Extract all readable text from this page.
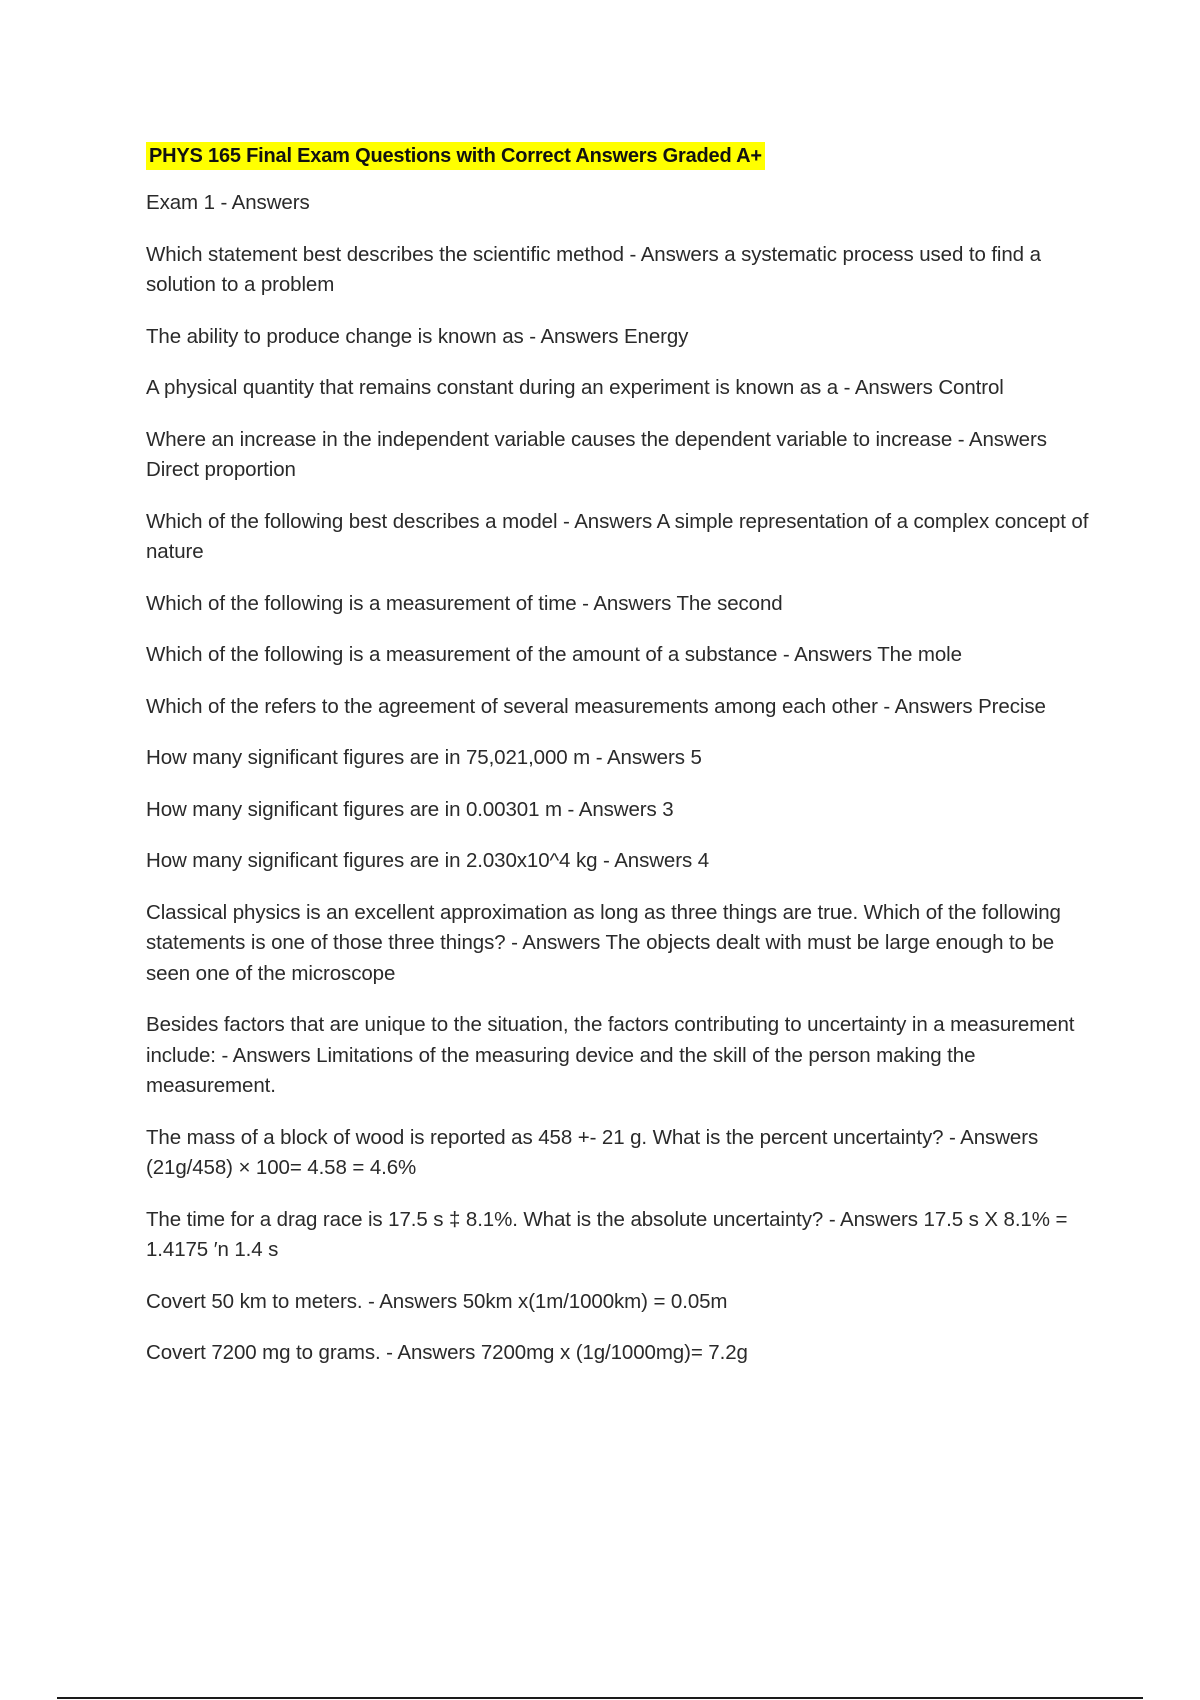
PHYS 165 Final Exam Questions with Correct Answers Graded A+
Exam 1 - Answers
Which statement best describes the scientific method - Answers a systematic process used to find a solution to a problem
The ability to produce change is known as - Answers Energy
A physical quantity that remains constant during an experiment is known as a - Answers Control
Where an increase in the independent variable causes the dependent variable to increase - Answers Direct proportion
Which of the following best describes a model - Answers A simple representation of a complex concept of nature
Which of the following is a measurement of time - Answers The second
Which of the following is a measurement of the amount of a substance - Answers The mole
Which of the refers to the agreement of several measurements among each other - Answers Precise
How many significant figures are in 75,021,000 m - Answers 5
How many significant figures are in 0.00301 m - Answers 3
How many significant figures are in 2.030x10^4 kg - Answers 4
Classical physics is an excellent approximation as long as three things are true. Which of the following statements is one of those three things? - Answers The objects dealt with must be large enough to be seen one of the microscope
Besides factors that are unique to the situation, the factors contributing to uncertainty in a measurement include: - Answers Limitations of the measuring device and the skill of the person making the measurement.
The mass of a block of wood is reported as 458 +- 21 g. What is the percent uncertainty? - Answers (21g/458) × 100= 4.58 = 4.6%
The time for a drag race is 17.5 s ‡ 8.1%. What is the absolute uncertainty? - Answers 17.5 s X 8.1% = 1.4175 ′n 1.4 s
Covert 50 km to meters. - Answers 50km x(1m/1000km) = 0.05m
Covert 7200 mg to grams. - Answers 7200mg x (1g/1000mg)= 7.2g
